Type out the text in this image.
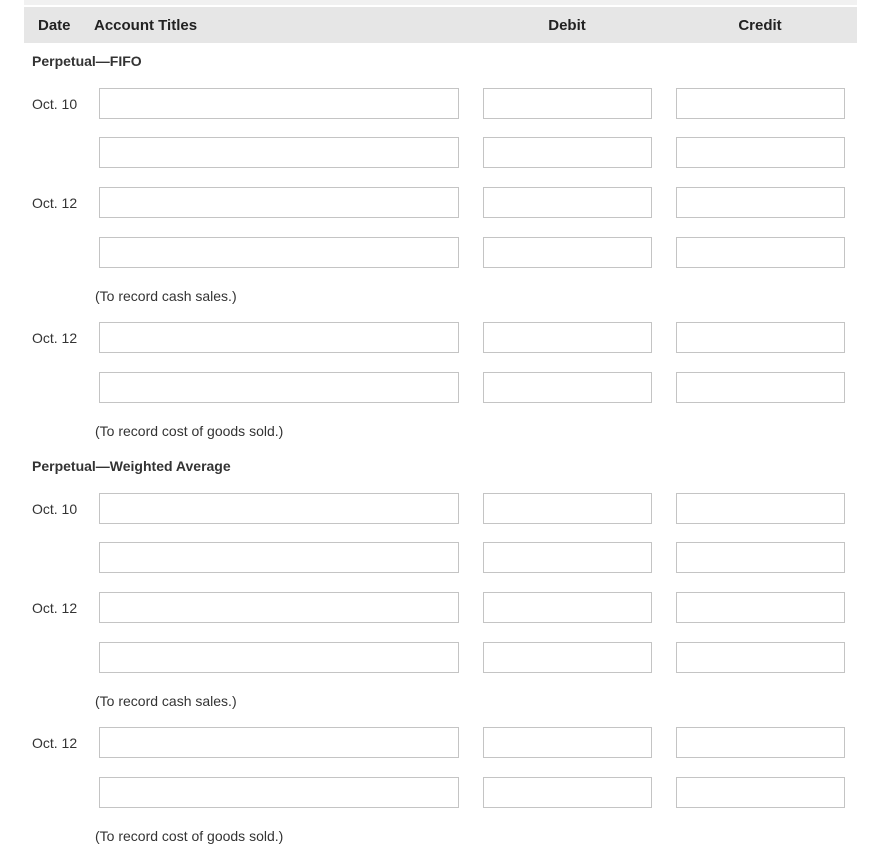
Date Account Titles	Debit	Credit
Perpetual—FIFO
Oct. 10
Oct. 12
(To record cash sales.)
Oct. 12
(To record cost of goods sold.)
Perpetual—Weighted Average
Oct. 10
Oct. 12
(To record cash sales.)
Oct. 12
(To record cost of goods sold.)
